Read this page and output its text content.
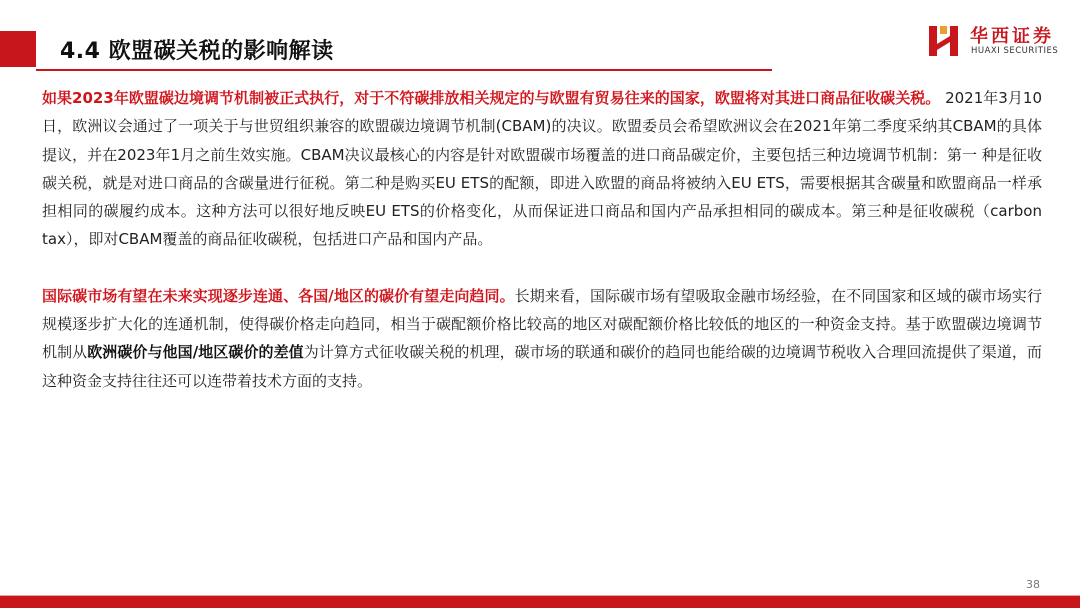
4.4 欧盟碳关税的影响解读
华西证券
HUAXI SECURITIES

如果2023年欧盟碳边境调节机制被正式执行，对于不符碳排放相关规定的与欧盟有贸易往来的国家，欧盟将对其进口商品征收碳关税。 2021年3月10日，欧洲议会通过了一项关于与世贸组织兼容的欧盟碳边境调节机制(CBAM)的决议。欧盟委员会希望欧洲议会在2021年第二季度采纳其CBAM的具体提议，并在2023年1月之前生效实施。CBAM决议最核心的内容是针对欧盟碳市场覆盖的进口商品碳定价，主要包括三种边境调节机制：第一 种是征收碳关税，就是对进口商品的含碳量进行征税。第二种是购买EU ETS的配额，即进入欧盟的商品将被纳入EU ETS，需要根据其含碳量和欧盟商品一样承担相同的碳履约成本。这种方法可以很好地反映EU ETS的价格变化，从而保证进口商品和国内产品承担相同的碳成本。第三种是征收碳税（carbon tax），即对CBAM覆盖的商品征收碳税，包括进口产品和国内产品。

国际碳市场有望在未来实现逐步连通、各国/地区的碳价有望走向趋同。长期来看，国际碳市场有望吸取金融市场经验，在不同国家和区域的碳市场实行规模逐步扩大化的连通机制，使得碳价格走向趋同，相当于碳配额价格比较高的地区对碳配额价格比较低的地区的一种资金支持。基于欧盟碳边境调节机制从欧洲碳价与他国/地区碳价的差值为计算方式征收碳关税的机理，碳市场的联通和碳价的趋同也能给碳的边境调节税收入合理回流提供了渠道，而这种资金支持往往还可以连带着技术方面的支持。

38
